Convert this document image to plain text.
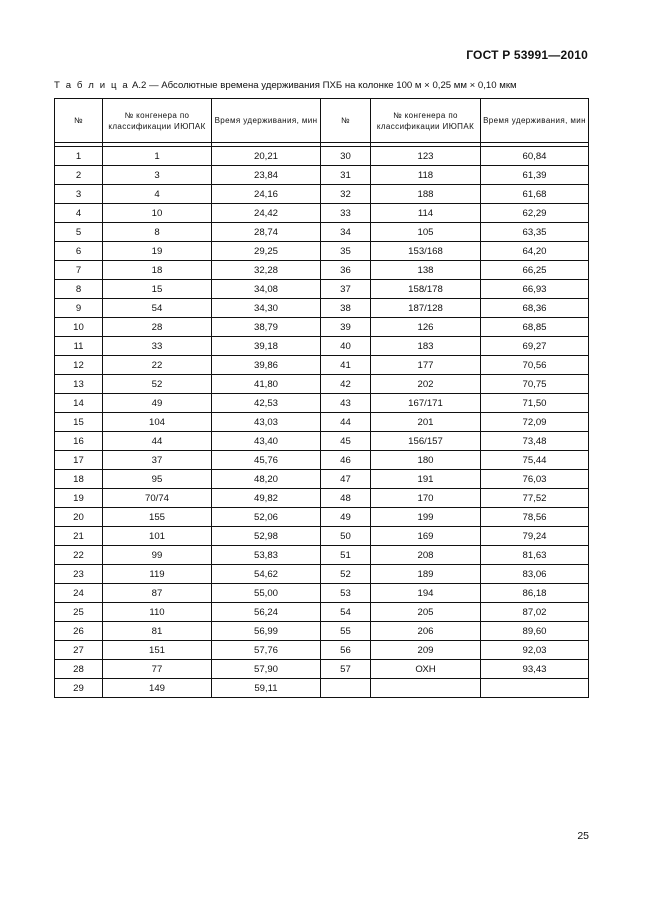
ГОСТ Р 53991—2010
Т а б л и ц а А.2 — Абсолютные времена удерживания ПХБ на колонке 100 м × 0,25 мм × 0,10 мкм
№	№ конгенера по классификации ИЮПАК	Время удерживания, мин	№	№ конгенера по классификации ИЮПАК	Время удерживания, мин

1	1	20,21	30	123	60,84
2	3	23,84	31	118	61,39
3	4	24,16	32	188	61,68
4	10	24,42	33	114	62,29
5	8	28,74	34	105	63,35
6	19	29,25	35	153/168	64,20
7	18	32,28	36	138	66,25
8	15	34,08	37	158/178	66,93
9	54	34,30	38	187/128	68,36
10	28	38,79	39	126	68,85
11	33	39,18	40	183	69,27
12	22	39,86	41	177	70,56
13	52	41,80	42	202	70,75
14	49	42,53	43	167/171	71,50
15	104	43,03	44	201	72,09
16	44	43,40	45	156/157	73,48
17	37	45,76	46	180	75,44
18	95	48,20	47	191	76,03
19	70/74	49,82	48	170	77,52
20	155	52,06	49	199	78,56
21	101	52,98	50	169	79,24
22	99	53,83	51	208	81,63
23	119	54,62	52	189	83,06
24	87	55,00	53	194	86,18
25	110	56,24	54	205	87,02
26	81	56,99	55	206	89,60
27	151	57,76	56	209	92,03
28	77	57,90	57	ОХН	93,43
29	149	59,11			
25
